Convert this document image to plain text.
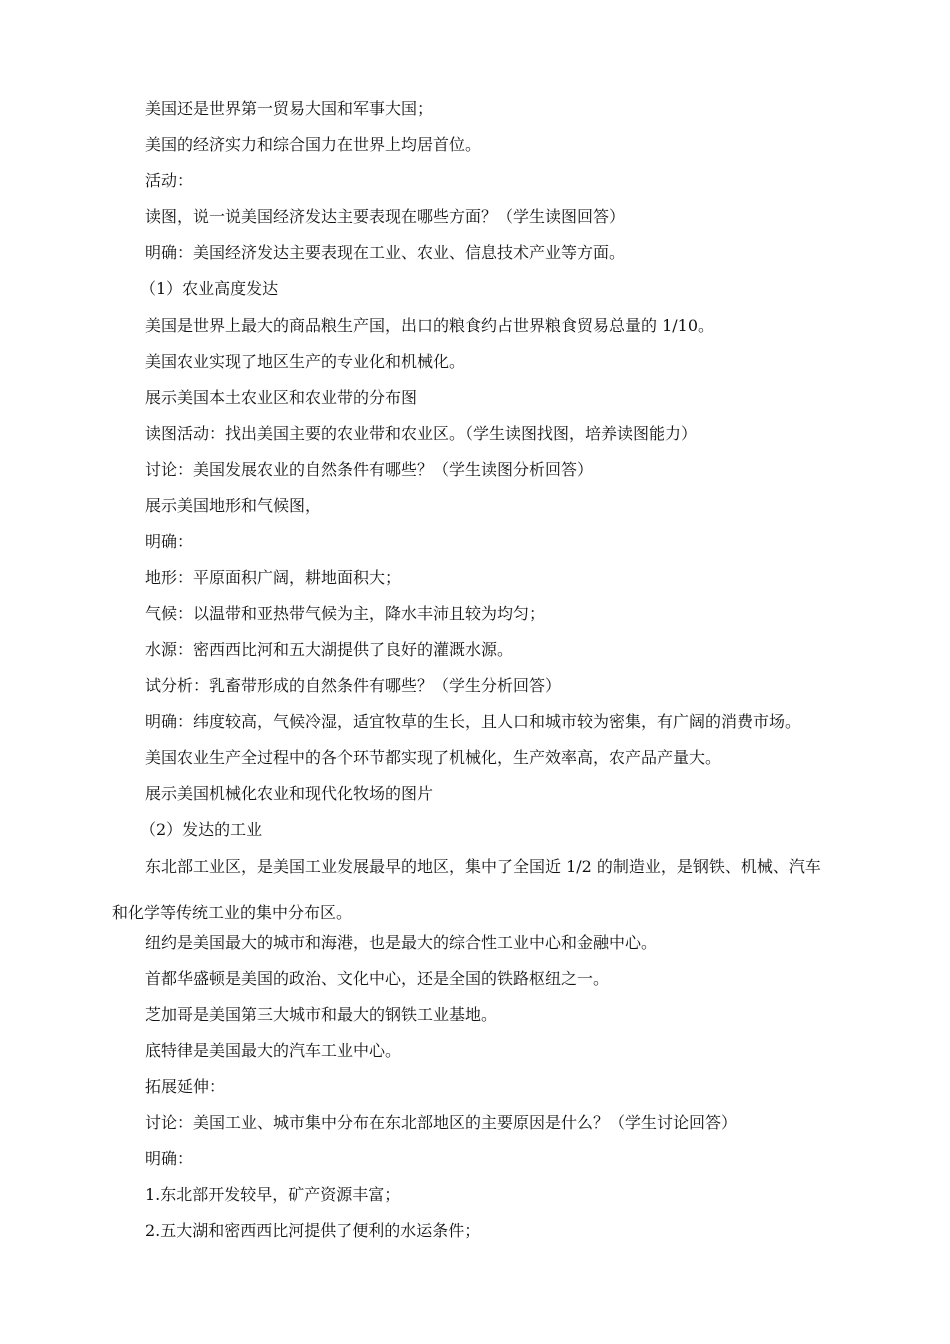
美国还是世界第一贸易大国和军事大国；

美国的经济实力和综合国力在世界上均居首位。

活动：

读图，说一说美国经济发达主要表现在哪些方面？（学生读图回答）

明确：美国经济发达主要表现在工业、农业、信息技术产业等方面。

（1）农业高度发达

美国是世界上最大的商品粮生产国，出口的粮食约占世界粮食贸易总量的 1/10。

美国农业实现了地区生产的专业化和机械化。

展示美国本土农业区和农业带的分布图

读图活动：找出美国主要的农业带和农业区。（学生读图找图，培养读图能力）

讨论：美国发展农业的自然条件有哪些？（学生读图分析回答）

展示美国地形和气候图，

明确：

地形：平原面积广阔，耕地面积大；

气候：以温带和亚热带气候为主，降水丰沛且较为均匀；

水源：密西西比河和五大湖提供了良好的灌溉水源。

试分析：乳畜带形成的自然条件有哪些？（学生分析回答）

明确：纬度较高，气候冷湿，适宜牧草的生长，且人口和城市较为密集，有广阔的消费市场。

美国农业生产全过程中的各个环节都实现了机械化，生产效率高，农产品产量大。

展示美国机械化农业和现代化牧场的图片

（2）发达的工业

东北部工业区，是美国工业发展最早的地区，集中了全国近 1/2 的制造业，是钢铁、机械、汽车和化学等传统工业的集中分布区。

纽约是美国最大的城市和海港，也是最大的综合性工业中心和金融中心。

首都华盛顿是美国的政治、文化中心，还是全国的铁路枢纽之一。

芝加哥是美国第三大城市和最大的钢铁工业基地。

底特律是美国最大的汽车工业中心。

拓展延伸：

讨论：美国工业、城市集中分布在东北部地区的主要原因是什么？（学生讨论回答）

明确：

1.东北部开发较早，矿产资源丰富；

2.五大湖和密西西比河提供了便利的水运条件；
